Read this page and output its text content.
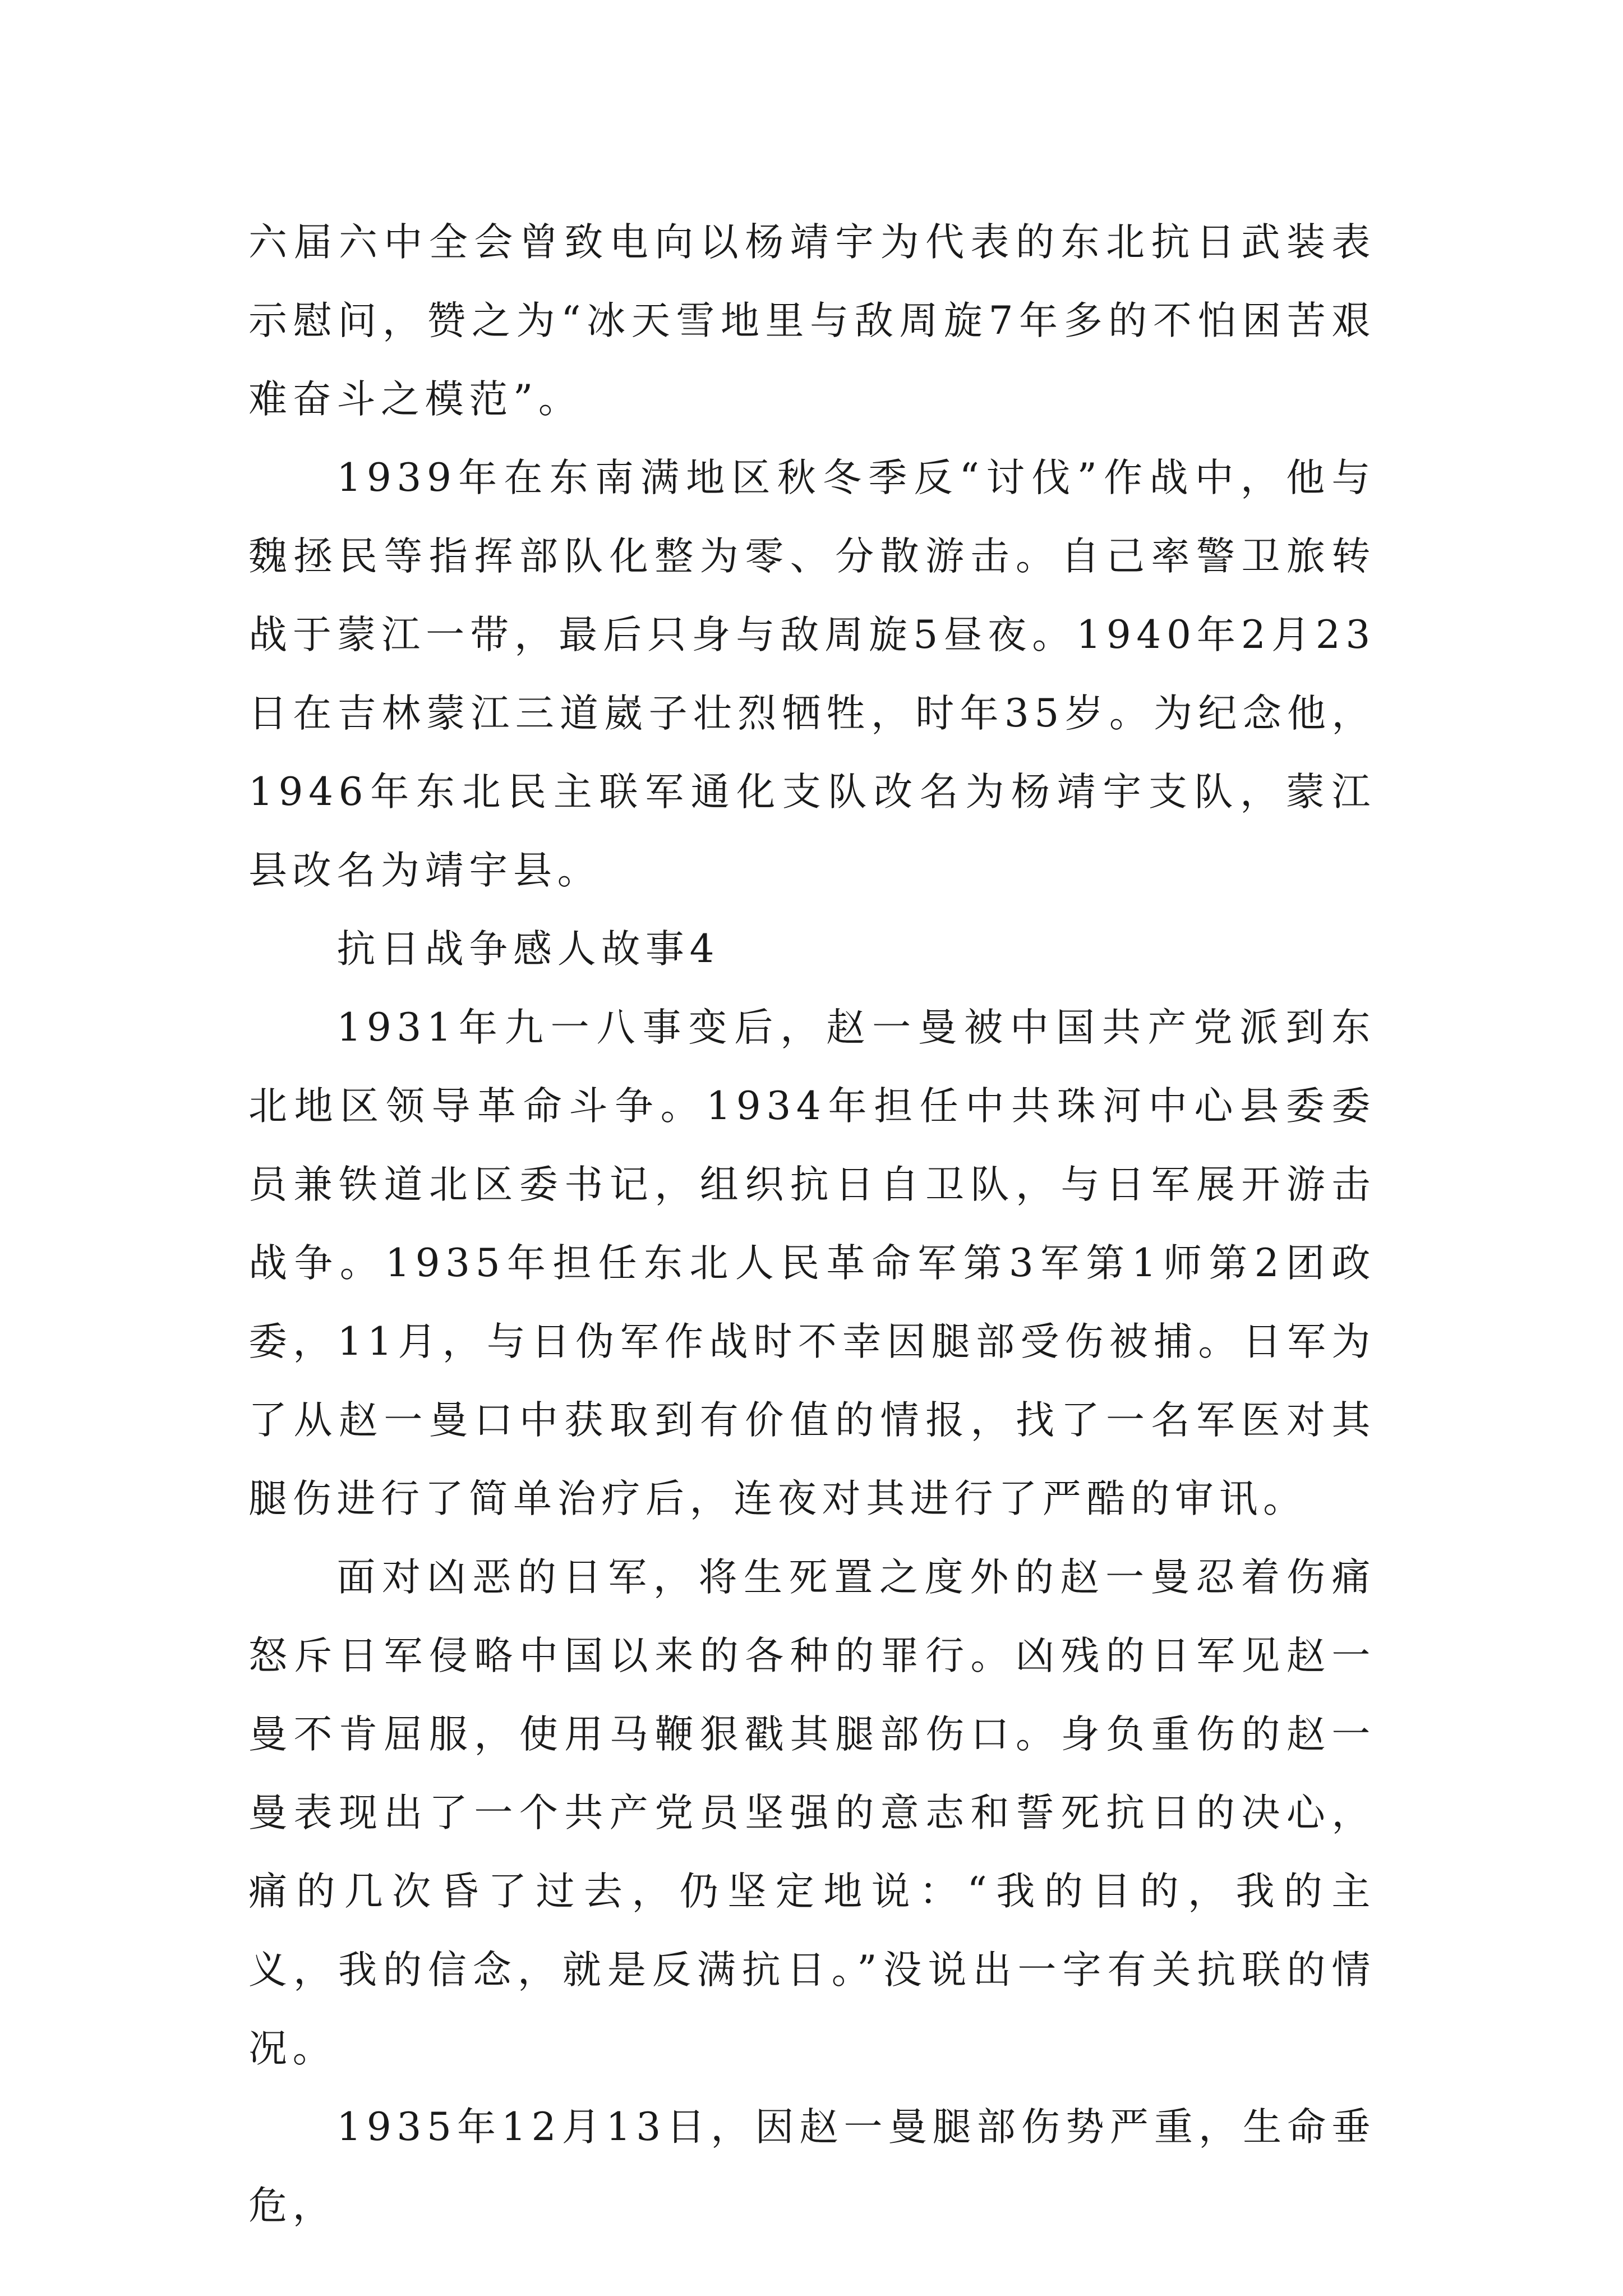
六届六中全会曾致电向以杨靖宇为代表的东北抗日武装表示慰问，赞之为“冰天雪地里与敌周旋7年多的不怕困苦艰难奋斗之模范”。

1939年在东南满地区秋冬季反“讨伐”作战中，他与魏拯民等指挥部队化整为零、分散游击。自己率警卫旅转战于蒙江一带，最后只身与敌周旋5昼夜。1940年2月23日在吉林蒙江三道崴子壮烈牺牲，时年35岁。为纪念他，1946年东北民主联军通化支队改名为杨靖宇支队，蒙江县改名为靖宇县。

抗日战争感人故事4

1931年九一八事变后，赵一曼被中国共产党派到东北地区领导革命斗争。1934年担任中共珠河中心县委委员兼铁道北区委书记，组织抗日自卫队，与日军展开游击战争。1935年担任东北人民革命军第3军第1师第2团政委，11月，与日伪军作战时不幸因腿部受伤被捕。日军为了从赵一曼口中获取到有价值的情报，找了一名军医对其腿伤进行了简单治疗后，连夜对其进行了严酷的审讯。

面对凶恶的日军，将生死置之度外的赵一曼忍着伤痛怒斥日军侵略中国以来的各种的罪行。凶残的日军见赵一曼不肯屈服，使用马鞭狠戳其腿部伤口。身负重伤的赵一曼表现出了一个共产党员坚强的意志和誓死抗日的决心，痛的几次昏了过去，仍坚定地说：“我的目的，我的主义，我的信念，就是反满抗日。”没说出一字有关抗联的情况。

1935年12月13日，因赵一曼腿部伤势严重，生命垂危，
